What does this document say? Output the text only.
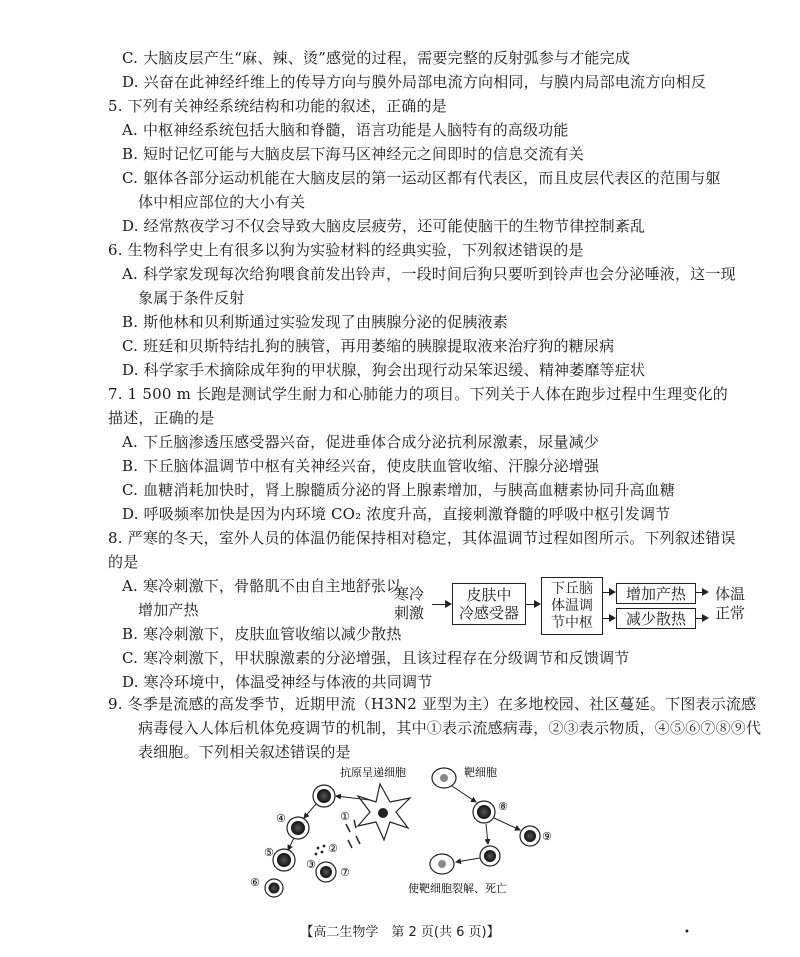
C. 大脑皮层产生“麻、辣、烫”感觉的过程，需要完整的反射弧参与才能完成
D. 兴奋在此神经纤维上的传导方向与膜外局部电流方向相同，与膜内局部电流方向相反
5. 下列有关神经系统结构和功能的叙述，正确的是
A. 中枢神经系统包括大脑和脊髓，语言功能是人脑特有的高级功能
B. 短时记忆可能与大脑皮层下海马区神经元之间即时的信息交流有关
C. 躯体各部分运动机能在大脑皮层的第一运动区都有代表区，而且皮层代表区的范围与躯
体中相应部位的大小有关
D. 经常熬夜学习不仅会导致大脑皮层疲劳，还可能使脑干的生物节律控制紊乱
6. 生物科学史上有很多以狗为实验材料的经典实验，下列叙述错误的是
A. 科学家发现每次给狗喂食前发出铃声，一段时间后狗只要听到铃声也会分泌唾液，这一现
象属于条件反射
B. 斯他林和贝利斯通过实验发现了由胰腺分泌的促胰液素
C. 班廷和贝斯特结扎狗的胰管，再用萎缩的胰腺提取液来治疗狗的糖尿病
D. 科学家手术摘除成年狗的甲状腺，狗会出现行动呆笨迟缓、精神萎靡等症状
7. 1 500 m 长跑是测试学生耐力和心肺能力的项目。下列关于人体在跑步过程中生理变化的
描述，正确的是
A. 下丘脑渗透压感受器兴奋，促进垂体合成分泌抗利尿激素，尿量减少
B. 下丘脑体温调节中枢有关神经兴奋，使皮肤血管收缩、汗腺分泌增强
C. 血糖消耗加快时，肾上腺髓质分泌的肾上腺素增加，与胰高血糖素协同升高血糖
D. 呼吸频率加快是因为内环境 CO₂ 浓度升高，直接刺激脊髓的呼吸中枢引发调节
8. 严寒的冬天，室外人员的体温仍能保持相对稳定，其体温调节过程如图所示。下列叙述错误
的是
A. 寒冷刺激下，骨骼肌不由自主地舒张以
增加产热
B. 寒冷刺激下，皮肤血管收缩以减少散热
C. 寒冷刺激下，甲状腺激素的分泌增强，且该过程存在分级调节和反馈调节
D. 寒冷环境中，体温受神经与体液的共同调节
寒冷
刺激
皮肤中
冷感受器
下丘脑
体温调
节中枢
增加产热
减少散热
体温
正常
9. 冬季是流感的高发季节，近期甲流（H3N2 亚型为主）在多地校园、社区蔓延。下图表示流感
病毒侵入人体后机体免疫调节的机制，其中①表示流感病毒，②③表示物质，④⑤⑥⑦⑧⑨代
表细胞。下列相关叙述错误的是
抗原呈递细胞	靶细胞
①
④
⑤	②
③
⑦
⑥
⑧
⑨
使靶细胞裂解、死亡
【高二生物学　第 2 页(共 6 页)】	•
